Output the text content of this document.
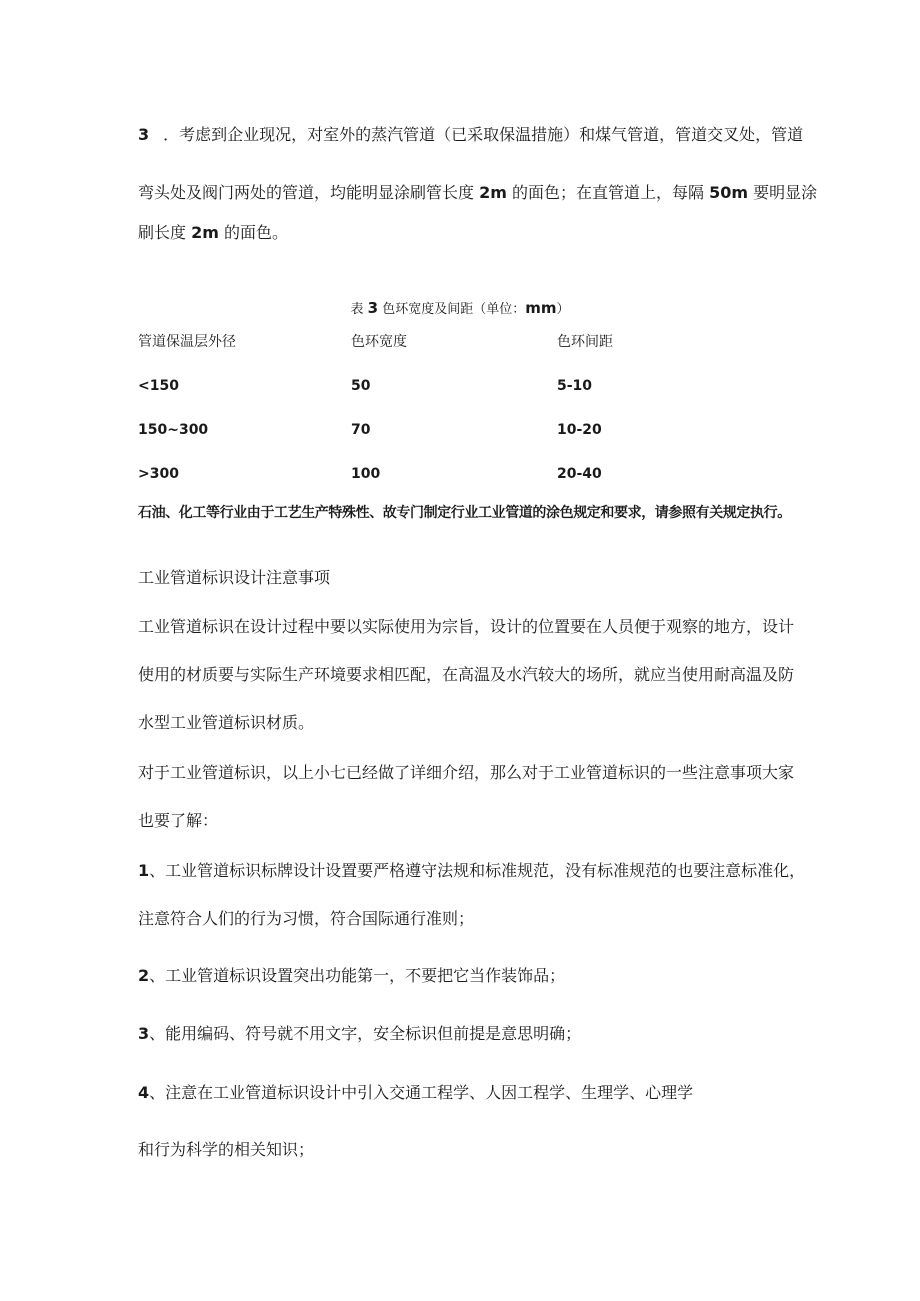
3 ．考虑到企业现况，对室外的蒸汽管道（已采取保温措施）和煤气管道，管道交叉处，管道
弯头处及阀门两处的管道，均能明显涂刷管长度 2m 的面色；在直管道上，每隔 50m 要明显涂
刷长度 2m 的面色。
表 3 色环宽度及间距（单位：mm）
管道保温层外径	色环宽度	色环间距
<150	50	5-10
150~300	70	10-20
>300	100	20-40
石油、化工等行业由于工艺生产特殊性、故专门制定行业工业管道的涂色规定和要求，请参照有关规定执行。
工业管道标识设计注意事项
工业管道标识在设计过程中要以实际使用为宗旨，设计的位置要在人员便于观察的地方，设计
使用的材质要与实际生产环境要求相匹配，在高温及水汽较大的场所，就应当使用耐高温及防
水型工业管道标识材质。
对于工业管道标识，以上小七已经做了详细介绍，那么对于工业管道标识的一些注意事项大家
也要了解：
1、工业管道标识标牌设计设置要严格遵守法规和标准规范，没有标准规范的也要注意标准化，
注意符合人们的行为习惯，符合国际通行准则；
2、工业管道标识设置突出功能第一，不要把它当作装饰品；
3、能用编码、符号就不用文字，安全标识但前提是意思明确；
4、注意在工业管道标识设计中引入交通工程学、人因工程学、生理学、心理学
和行为科学的相关知识；
